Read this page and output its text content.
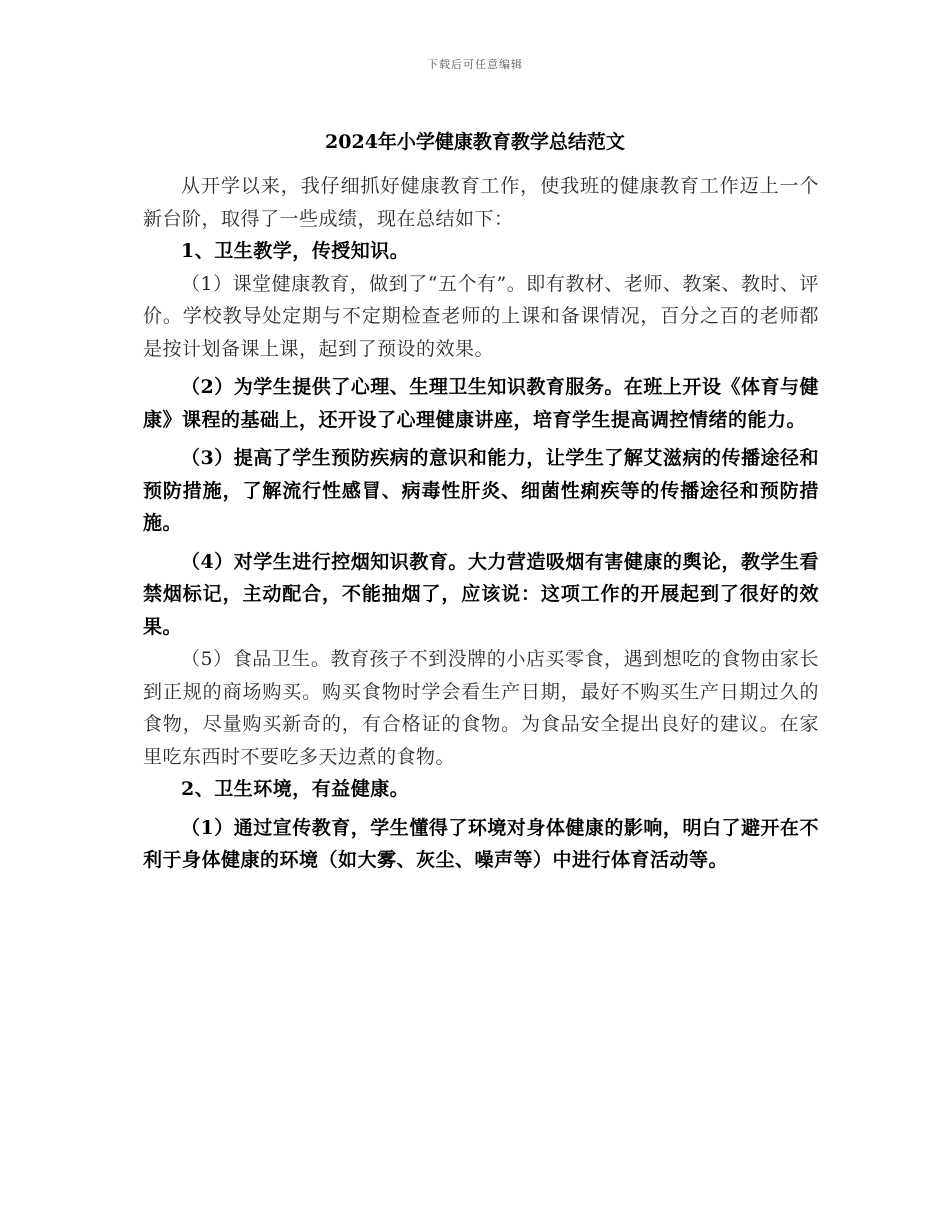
下载后可任意编辑
2024年小学健康教育教学总结范文

从开学以来，我仔细抓好健康教育工作，使我班的健康教育工作迈上一个新台阶，取得了一些成绩，现在总结如下：

1、卫生教学，传授知识。

（1）课堂健康教育，做到了“五个有”。即有教材、老师、教案、教时、评价。学校教导处定期与不定期检查老师的上课和备课情况，百分之百的老师都是按计划备课上课，起到了预设的效果。

（2）为学生提供了心理、生理卫生知识教育服务。在班上开设《体育与健康》课程的基础上，还开设了心理健康讲座，培育学生提高调控情绪的能力。

（3）提高了学生预防疾病的意识和能力，让学生了解艾滋病的传播途径和预防措施，了解流行性感冒、病毒性肝炎、细菌性痢疾等的传播途径和预防措施。

（4）对学生进行控烟知识教育。大力营造吸烟有害健康的舆论，教学生看禁烟标记，主动配合，不能抽烟了，应该说：这项工作的开展起到了很好的效果。

（5）食品卫生。教育孩子不到没牌的小店买零食，遇到想吃的食物由家长到正规的商场购买。购买食物时学会看生产日期，最好不购买生产日期过久的食物，尽量购买新奇的，有合格证的食物。为食品安全提出良好的建议。在家里吃东西时不要吃多天边煮的食物。

2、卫生环境，有益健康。

（1）通过宣传教育，学生懂得了环境对身体健康的影响，明白了避开在不利于身体健康的环境（如大雾、灰尘、噪声等）中进行体育活动等。
